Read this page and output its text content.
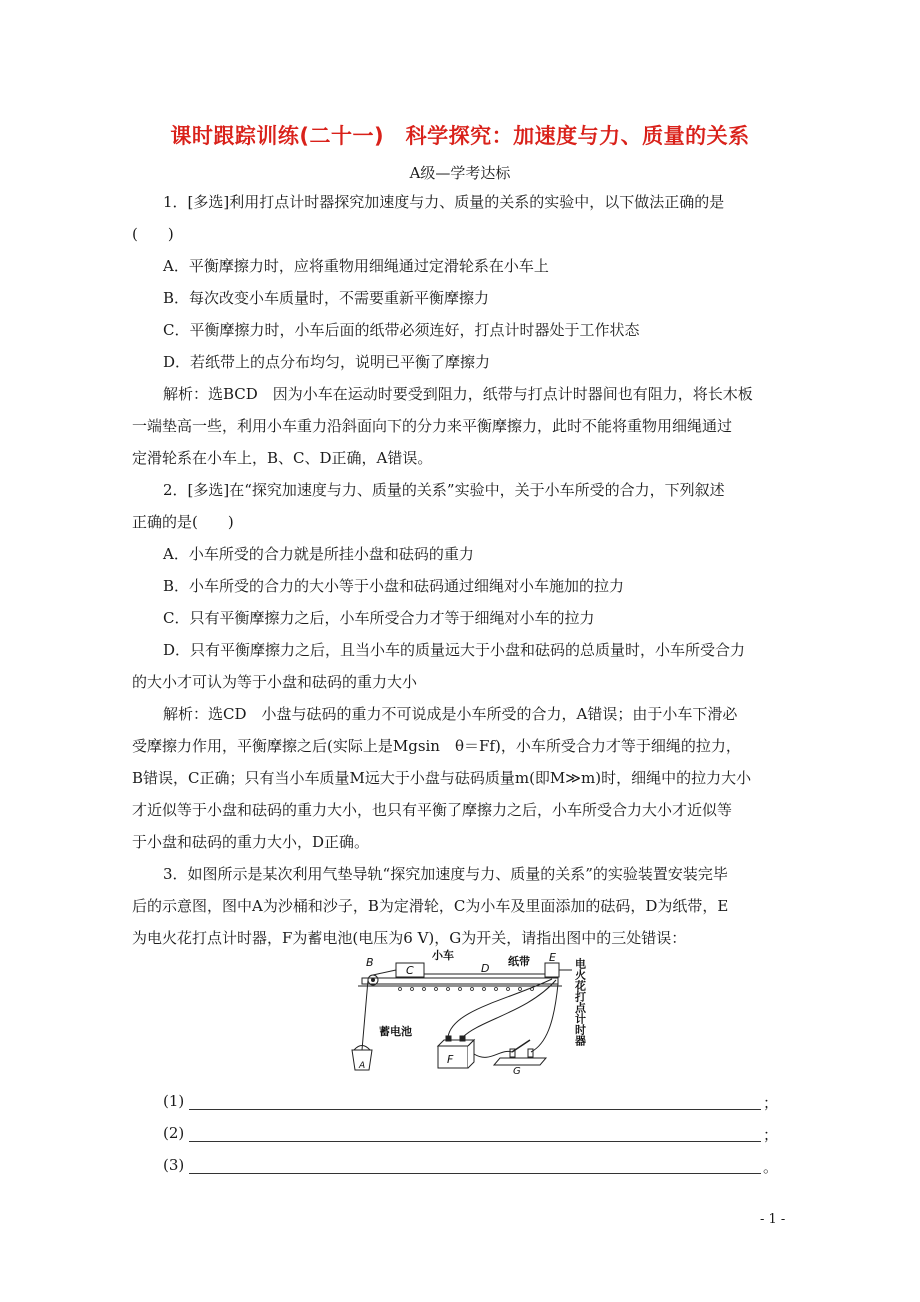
课时跟踪训练(二十一)　科学探究：加速度与力、质量的关系
A级—学考达标
1．[多选]利用打点计时器探究加速度与力、质量的关系的实验中，以下做法正确的是
(　　)
A．平衡摩擦力时，应将重物用细绳通过定滑轮系在小车上
B．每次改变小车质量时，不需要重新平衡摩擦力
C．平衡摩擦力时，小车后面的纸带必须连好，打点计时器处于工作状态
D．若纸带上的点分布均匀，说明已平衡了摩擦力
解析：选BCD　因为小车在运动时要受到阻力，纸带与打点计时器间也有阻力，将长木板
一端垫高一些，利用小车重力沿斜面向下的分力来平衡摩擦力，此时不能将重物用细绳通过
定滑轮系在小车上，B、C、D正确，A错误。
2．[多选]在“探究加速度与力、质量的关系”实验中，关于小车所受的合力，下列叙述
正确的是(　　)
A．小车所受的合力就是所挂小盘和砝码的重力
B．小车所受的合力的大小等于小盘和砝码通过细绳对小车施加的拉力
C．只有平衡摩擦力之后，小车所受合力才等于细绳对小车的拉力
D．只有平衡摩擦力之后，且当小车的质量远大于小盘和砝码的总质量时，小车所受合力
的大小才可认为等于小盘和砝码的重力大小
解析：选CD　小盘与砝码的重力不可说成是小车所受的合力，A错误；由于小车下滑必
受摩擦力作用，平衡摩擦之后(实际上是Mgsin　θ＝Ff)，小车所受合力才等于细绳的拉力，
B错误，C正确；只有当小车质量M远大于小盘与砝码质量m(即M≫m)时，细绳中的拉力大小
才近似等于小盘和砝码的重力大小，也只有平衡了摩擦力之后，小车所受合力大小才近似等
于小盘和砝码的重力大小，D正确。
3．如图所示是某次利用气垫导轨“探究加速度与力、质量的关系”的实验装置安装完毕
后的示意图，图中A为沙桶和沙子，B为定滑轮，C为小车及里面添加的砝码，D为纸带，E
为电火花打点计时器，F为蓄电池(电压为6 V)，G为开关，请指出图中的三处错误：
B
C	D
E
F
G
A
小车	纸带
蓄电池	电火花打点计时器
(1)	；
(2)	；
(3)	。
- 1 -
